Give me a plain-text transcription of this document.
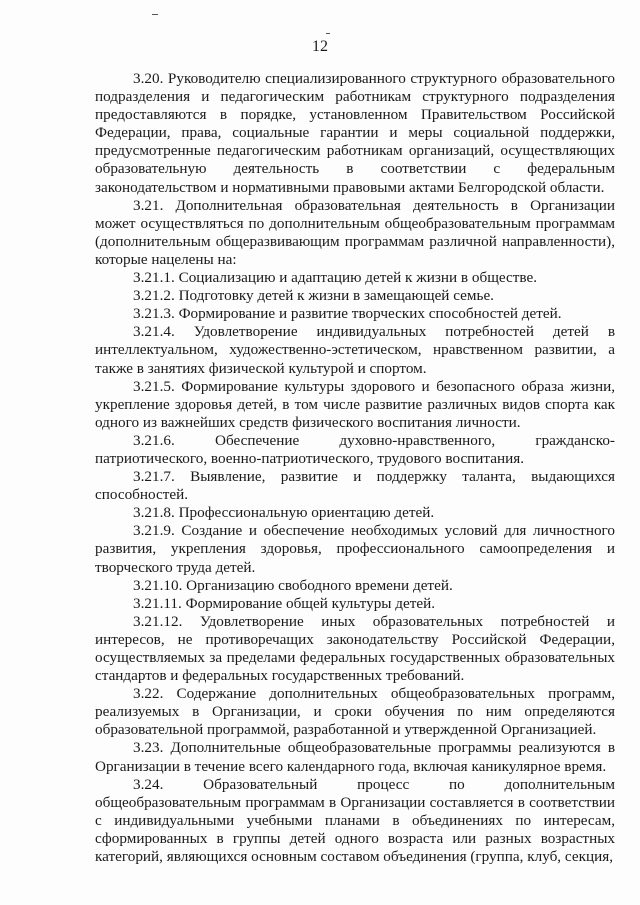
12

3.20. Руководителю специализированного структурного образовательного подразделения и педагогическим работникам структурного подразделения предоставляются в порядке, установленном Правительством Российской Федерации, права, социальные гарантии и меры социальной поддержки, предусмотренные педагогическим работникам организаций, осуществляющих образовательную деятельность в соответствии с федеральным законодательством и нормативными правовыми актами Белгородской области.

3.21. Дополнительная образовательная деятельность в Организации может осуществляться по дополнительным общеобразовательным программам (дополнительным общеразвивающим программам различной направленности), которые нацелены на:

3.21.1. Социализацию и адаптацию детей к жизни в обществе.

3.21.2. Подготовку детей к жизни в замещающей семье.

3.21.3. Формирование и развитие творческих способностей детей.

3.21.4. Удовлетворение индивидуальных потребностей детей в интеллектуальном, художественно-эстетическом, нравственном развитии, а также в занятиях физической культурой и спортом.

3.21.5. Формирование культуры здорового и безопасного образа жизни, укрепление здоровья детей, в том числе развитие различных видов спорта как одного из важнейших средств физического воспитания личности.

3.21.6. Обеспечение духовно-нравственного, гражданско-патриотического, военно-патриотического, трудового воспитания.

3.21.7. Выявление, развитие и поддержку таланта, выдающихся способностей.

3.21.8. Профессиональную ориентацию детей.

3.21.9. Создание и обеспечение необходимых условий для личностного развития, укрепления здоровья, профессионального самоопределения и творческого труда детей.

3.21.10. Организацию свободного времени детей.

3.21.11. Формирование общей культуры детей.

3.21.12. Удовлетворение иных образовательных потребностей и интересов, не противоречащих законодательству Российской Федерации, осуществляемых за пределами федеральных государственных образовательных стандартов и федеральных государственных требований.

3.22. Содержание дополнительных общеобразовательных программ, реализуемых в Организации, и сроки обучения по ним определяются образовательной программой, разработанной и утвержденной Организацией.

3.23. Дополнительные общеобразовательные программы реализуются в Организации в течение всего календарного года, включая каникулярное время.

3.24. Образовательный процесс по дополнительным общеобразовательным программам в Организации составляется в соответствии с индивидуальными учебными планами в объединениях по интересам, сформированных в группы детей одного возраста или разных возрастных категорий, являющихся основным составом объединения (группа, клуб, секция,
